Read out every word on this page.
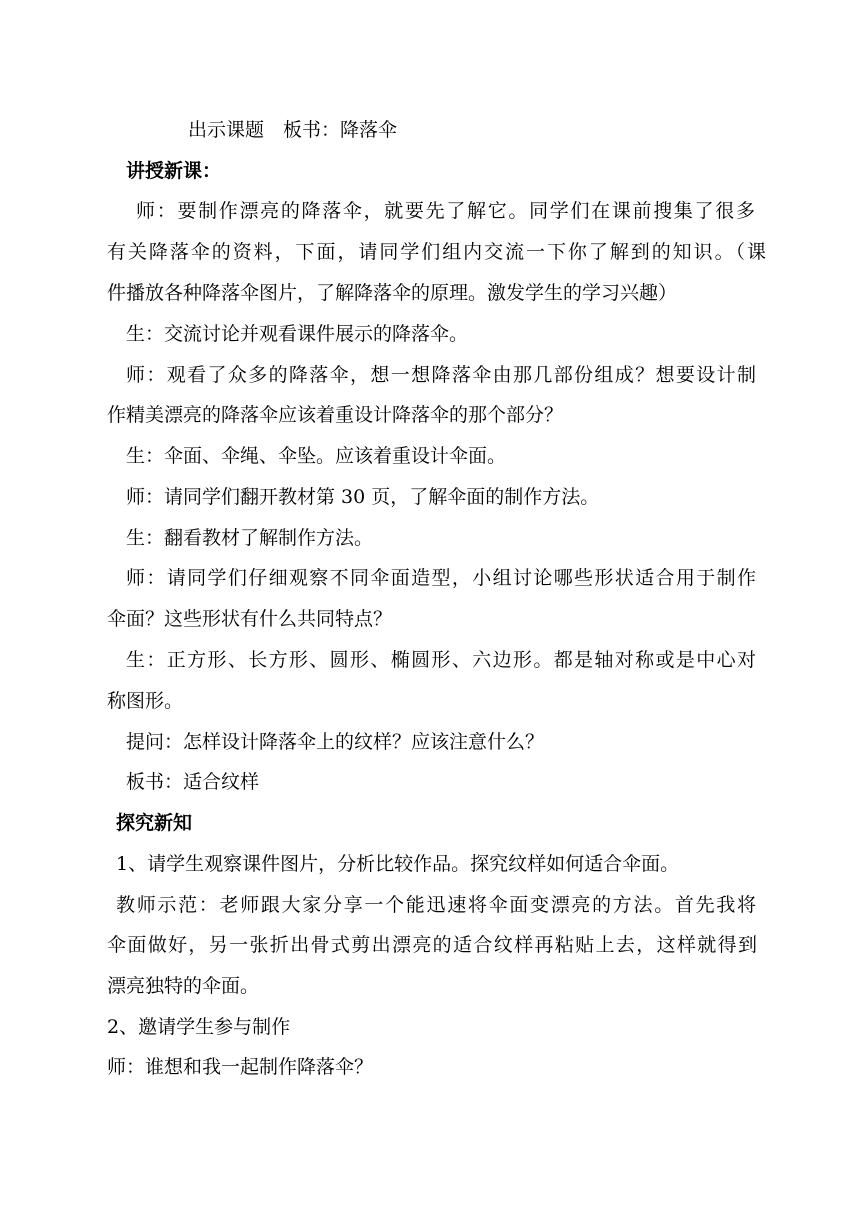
出示课题　板书：降落伞
讲授新课：
师：要制作漂亮的降落伞，就要先了解它。同学们在课前搜集了很多
有关降落伞的资料，下面，请同学们组内交流一下你了解到的知识。（课
件播放各种降落伞图片，了解降落伞的原理。激发学生的学习兴趣）
生：交流讨论并观看课件展示的降落伞。
师：观看了众多的降落伞，想一想降落伞由那几部份组成？想要设计制
作精美漂亮的降落伞应该着重设计降落伞的那个部分？
生：伞面、伞绳、伞坠。应该着重设计伞面。
师：请同学们翻开教材第 30 页，了解伞面的制作方法。
生：翻看教材了解制作方法。
师：请同学们仔细观察不同伞面造型，小组讨论哪些形状适合用于制作
伞面？这些形状有什么共同特点？
生：正方形、长方形、圆形、椭圆形、六边形。都是轴对称或是中心对
称图形。
提问：怎样设计降落伞上的纹样？应该注意什么？
板书：适合纹样
探究新知
1、请学生观察课件图片，分析比较作品。探究纹样如何适合伞面。
教师示范：老师跟大家分享一个能迅速将伞面变漂亮的方法。首先我将
伞面做好，另一张折出骨式剪出漂亮的适合纹样再粘贴上去，这样就得到
漂亮独特的伞面。
2、邀请学生参与制作
师：谁想和我一起制作降落伞？
